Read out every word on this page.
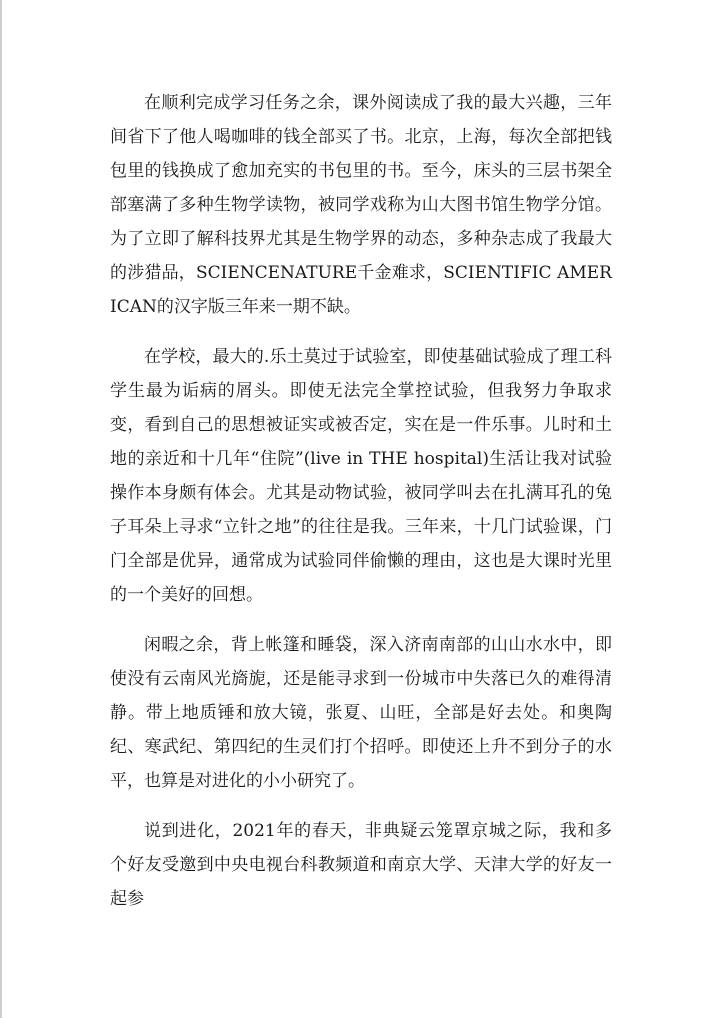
在顺利完成学习任务之余，课外阅读成了我的最大兴趣，三年间省下了他人喝咖啡的钱全部买了书。北京，上海，每次全部把钱包里的钱换成了愈加充实的书包里的书。至今，床头的三层书架全部塞满了多种生物学读物，被同学戏称为山大图书馆生物学分馆。为了立即了解科技界尤其是生物学界的动态，多种杂志成了我最大的涉猎品，SCIENCENATURE千金难求，SCIENTIFIC AMERICAN的汉字版三年来一期不缺。

在学校，最大的.乐土莫过于试验室，即使基础试验成了理工科学生最为诟病的屑头。即使无法完全掌控试验，但我努力争取求变，看到自己的思想被证实或被否定，实在是一件乐事。儿时和土地的亲近和十几年“住院”(live in THE hospital)生活让我对试验操作本身颇有体会。尤其是动物试验，被同学叫去在扎满耳孔的兔子耳朵上寻求“立针之地”的往往是我。三年来，十几门试验课，门门全部是优异，通常成为试验同伴偷懒的理由，这也是大课时光里的一个美好的回想。

闲暇之余，背上帐篷和睡袋，深入济南南部的山山水水中，即使没有云南风光旖旎，还是能寻求到一份城市中失落已久的难得清静。带上地质锤和放大镜，张夏、山旺，全部是好去处。和奥陶纪、寒武纪、第四纪的生灵们打个招呼。即使还上升不到分子的水平，也算是对进化的小小研究了。

说到进化，2021年的春天，非典疑云笼罩京城之际，我和多个好友受邀到中央电视台科教频道和南京大学、天津大学的好友一起参
